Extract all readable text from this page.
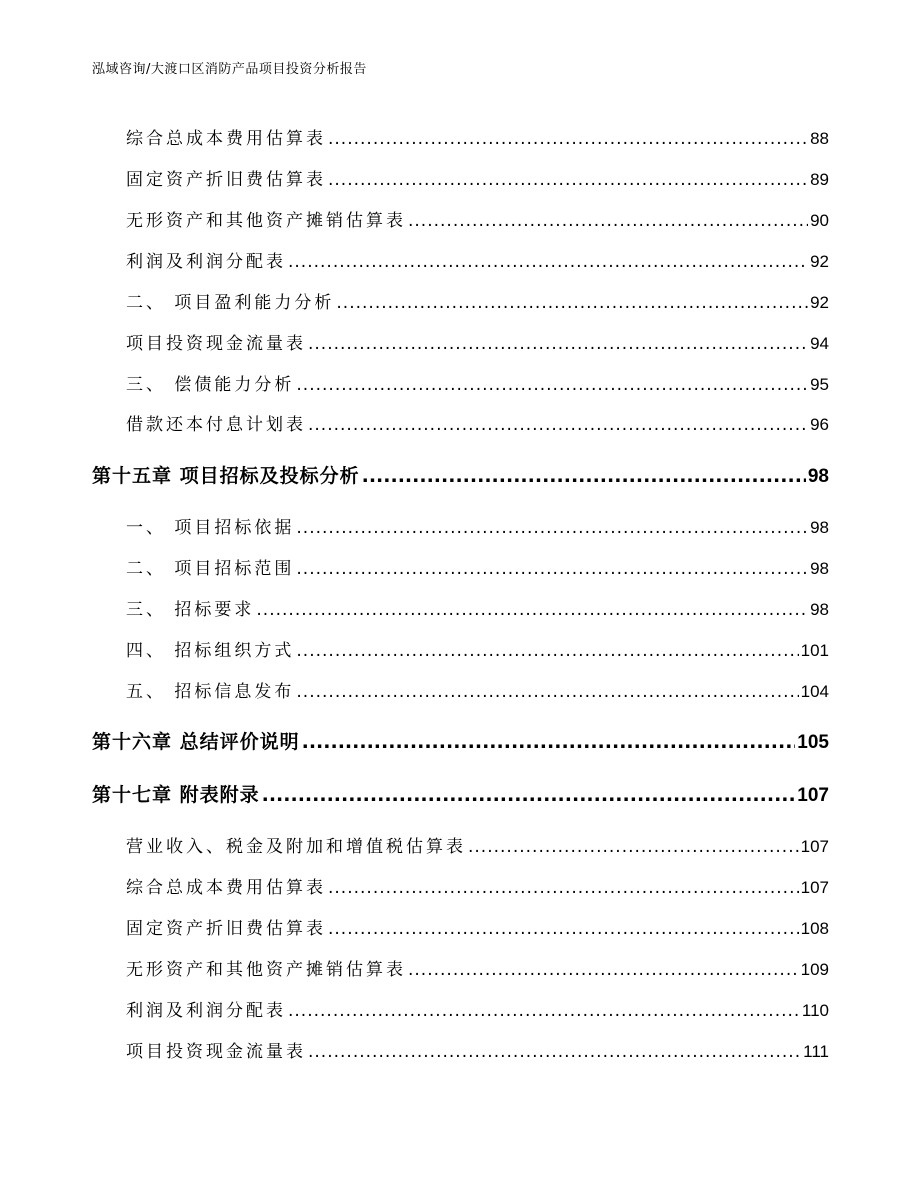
泓域咨询/大渡口区消防产品项目投资分析报告
综合总成本费用估算表 .....	88
固定资产折旧费估算表 .....	89
无形资产和其他资产摊销估算表 .....	90
利润及利润分配表 .....	92
二、 项目盈利能力分析 .....	92
项目投资现金流量表 .....	94
三、 偿债能力分析 .....	95
借款还本付息计划表 .....	96
第十五章 项目招标及投标分析 .....	98
一、 项目招标依据 .....	98
二、 项目招标范围 .....	98
三、 招标要求 .....	98
四、 招标组织方式 .....	101
五、 招标信息发布 .....	104
第十六章 总结评价说明 .....	105
第十七章 附表附录 .....	107
营业收入、税金及附加和增值税估算表 .....	107
综合总成本费用估算表 .....	107
固定资产折旧费估算表 .....	108
无形资产和其他资产摊销估算表 .....	109
利润及利润分配表 .....	110
项目投资现金流量表 .....	111
